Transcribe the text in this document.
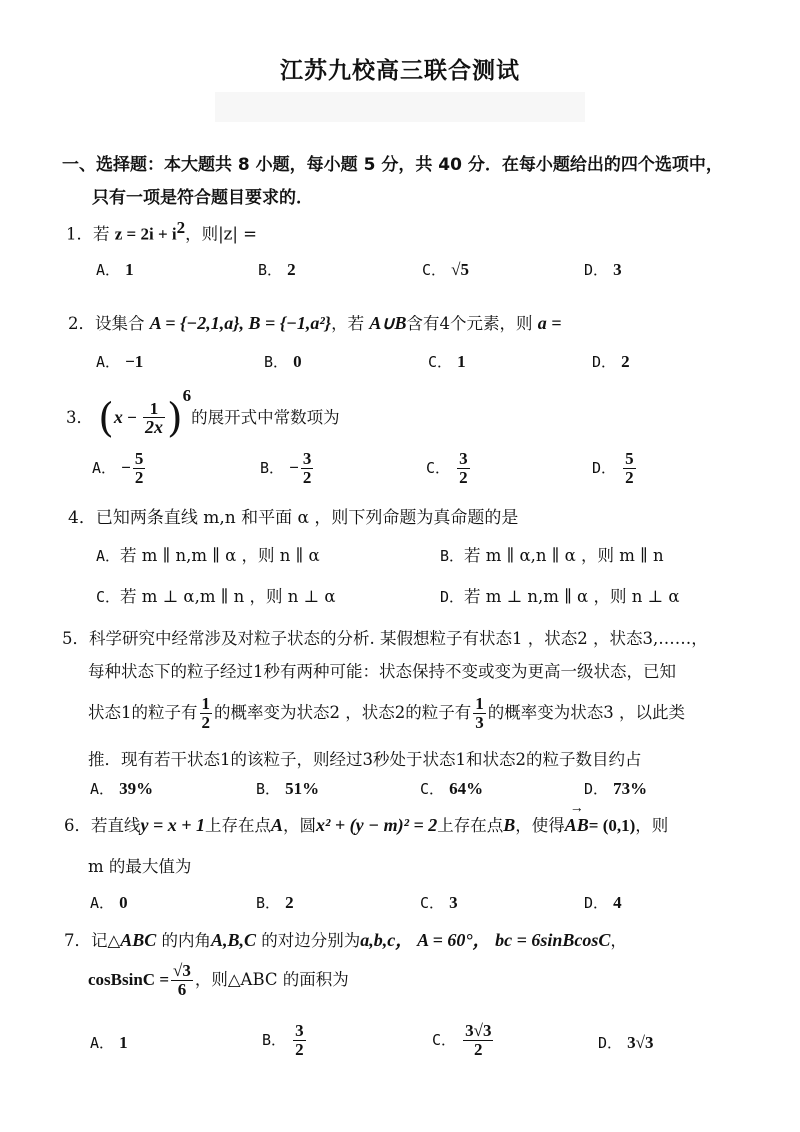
江苏九校高三联合测试
一、选择题：本大题共 8 小题，每小题 5 分，共 40 分．在每小题给出的四个选项中，
只有一项是符合题目要求的．
1．若 $z = 2i + i^2$，则|z| =
A． 1	B． 2	C． √5	D． 3
2．设集合 A = {−2,1,a}, B = {−1,a²}，若 A∪B含有4个元素，则 a =
A． −1	B． 0	C． 1	D． 2
3． $(x - \frac{1}{2x} )^6$的展开式中常数项为
A． − $\frac{5}{2}$	B． − $\frac{3}{2}$	C． $\frac{3}{2}$	D． $\frac{5}{2}$
4．已知两条直线 m,n 和平面 α ，则下列命题为真命题的是
A．若 m ∥ n,m ∥ α ，则 n ∥ α	B．若 m ∥ α,n ∥ α ，则 m ∥ n
C．若 m ⊥ α,m ∥ n ，则 n ⊥ α	D．若 m ⊥ n,m ∥ α ，则 n ⊥ α
5．科学研究中经常涉及对粒子状态的分析. 某假想粒子有状态1 ，状态2 ，状态3,……，
每种状态下的粒子经过1秒有两种可能：状态保持不变或变为更高一级状态，已知
状态1的粒子有 $\frac{1}{2}$ 的概率变为状态2 ，状态2的粒子有 $\frac{1}{3}$ 的概率变为状态3 ，以此类
推．现有若干状态1的该粒子，则经过3秒处于状态1和状态2的粒子数目约占
A． 39%	B． 51%	C． 64%	D． 73%
6．若直线y = x + 1上存在点A，圆x² + (y − m)² = 2上存在点B，使得→ AB= (0,1)，则
m 的最大值为
A． 0	B． 2	C． 3	D． 4
7．记△ABC 的内角A,B,C 的对边分别为a,b,c， A = 60°， bc = 6sinBcosC，
cosBsinC = $\frac{√3}{6}$ ，则△ABC 的面积为
A． 1	B． $\frac{3}{2}$	C． $\frac{3√3}{2}$	D． 3√3
